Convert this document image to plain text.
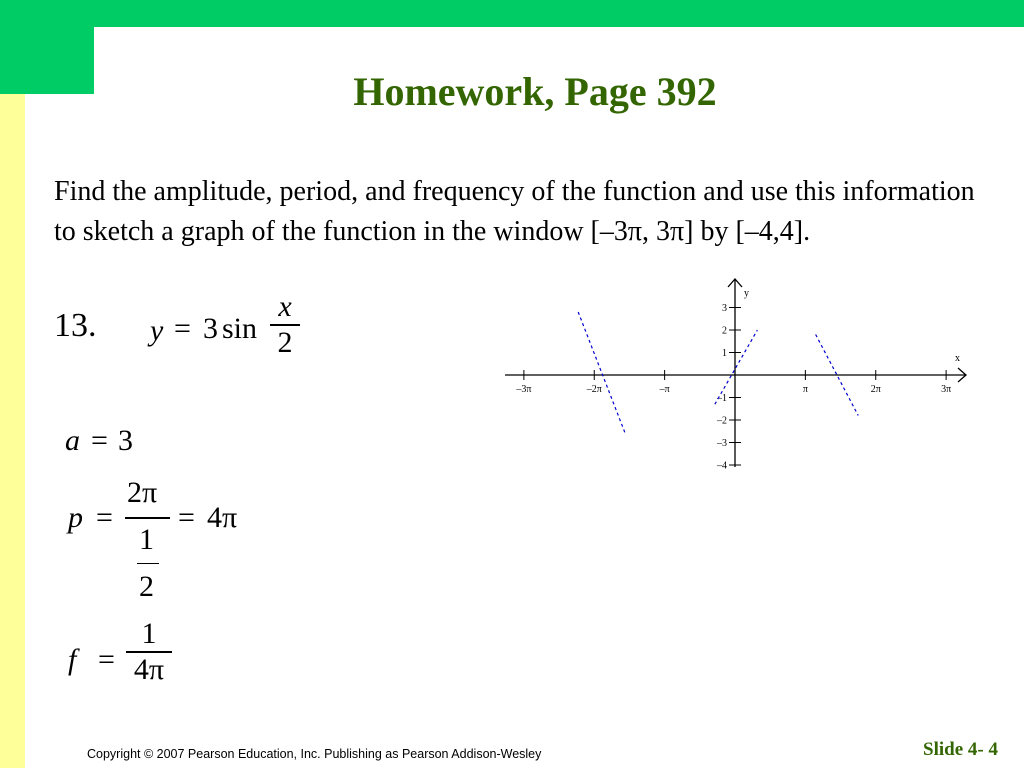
Homework, Page 392
Find the amplitude, period, and frequency of the function and use this information to sketch a graph of the function in the window [–3π, 3π] by [–4,4].
13. y = 3 sin
x
2
a = 3
p =
2π
1
2
= 4π
f =
1
4π
–3π	–2π	–π	π	2π	3π
3
2
1
–1
–2
–3
–4
x
y
Copyright © 2007 Pearson Education, Inc. Publishing as Pearson Addison-Wesley	Slide 4- 4
